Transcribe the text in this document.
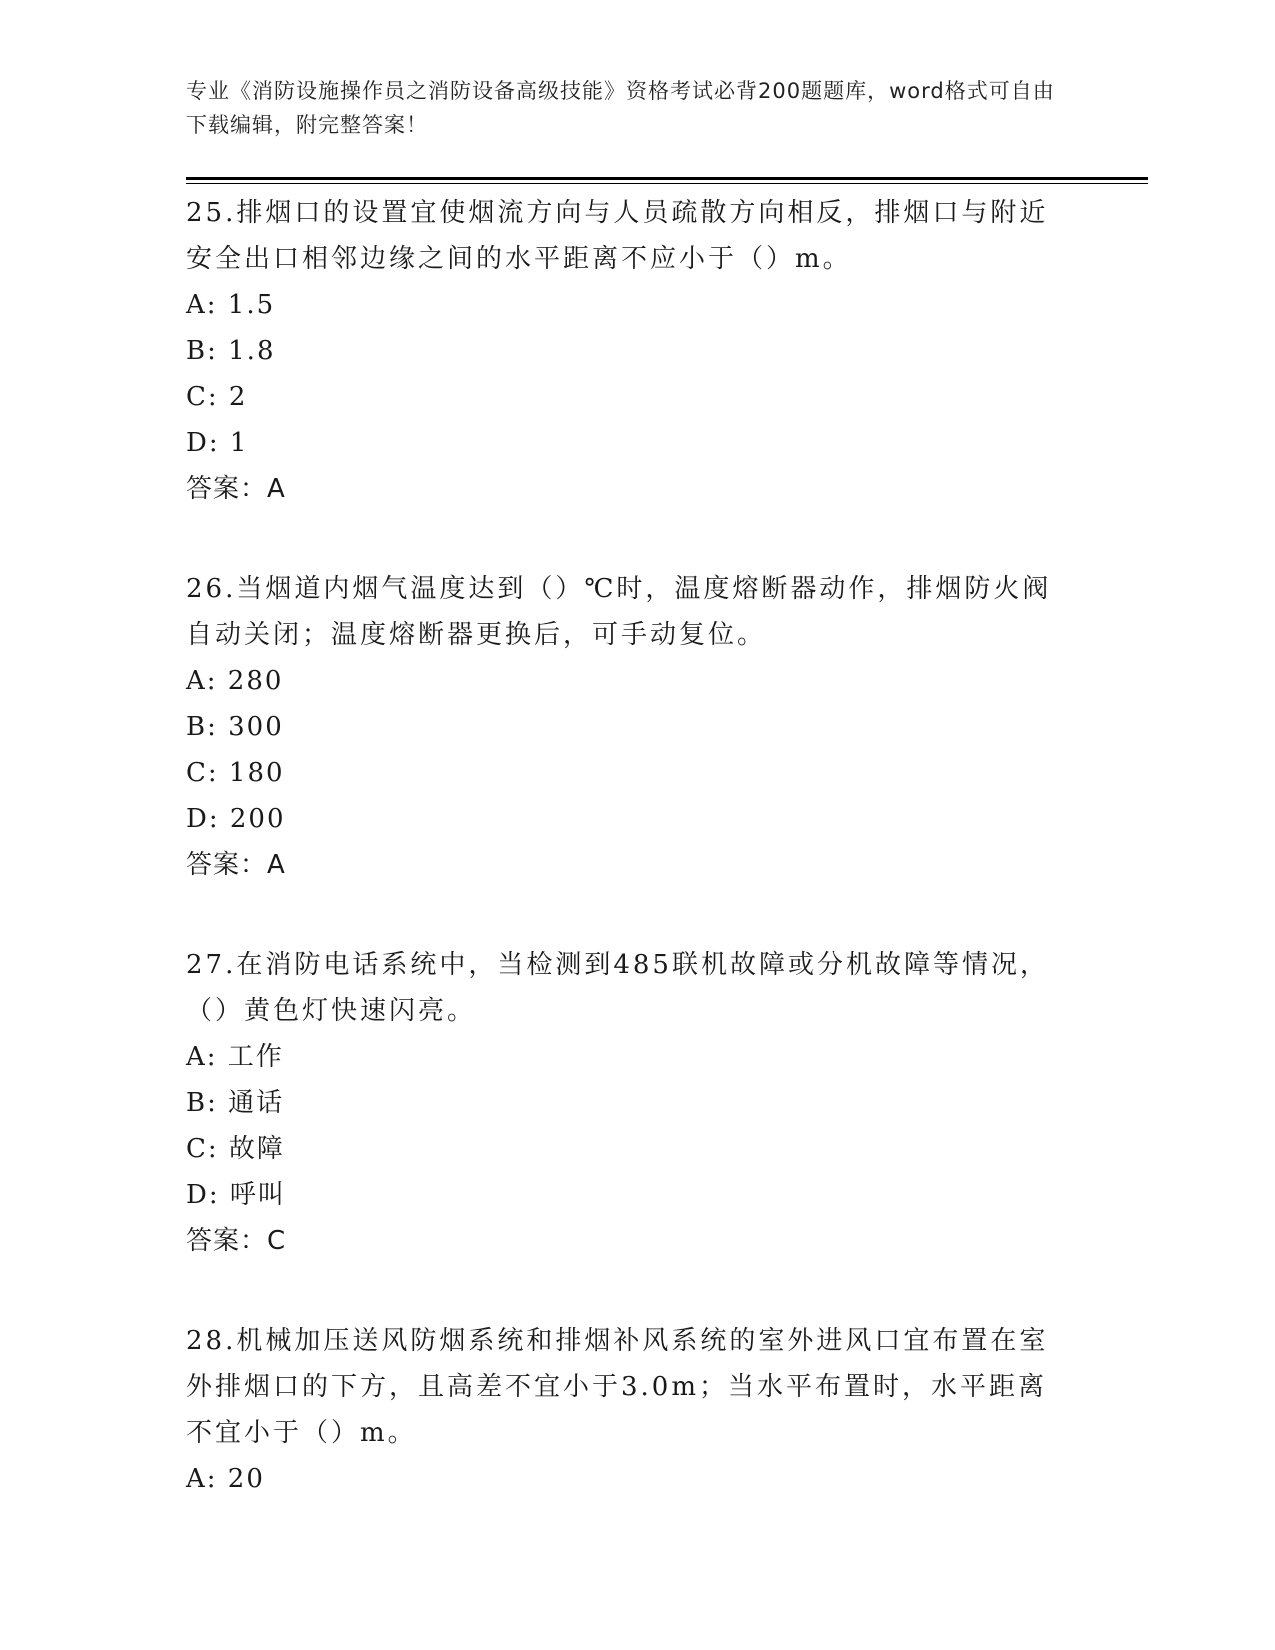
专业《消防设施操作员之消防设备高级技能》资格考试必背200题题库，word格式可自由下载编辑，附完整答案！

25.排烟口的设置宜使烟流方向与人员疏散方向相反，排烟口与附近安全出口相邻边缘之间的水平距离不应小于（）m。

A: 1.5

B: 1.8

C: 2

D: 1

答案：A

26.当烟道内烟气温度达到（）℃时，温度熔断器动作，排烟防火阀自动关闭；温度熔断器更换后，可手动复位。

A: 280

B: 300

C: 180

D: 200

答案：A

27.在消防电话系统中，当检测到485联机故障或分机故障等情况，（）黄色灯快速闪亮。

A: 工作

B: 通话

C: 故障

D: 呼叫

答案：C

28.机械加压送风防烟系统和排烟补风系统的室外进风口宜布置在室外排烟口的下方，且高差不宜小于3.0m；当水平布置时，水平距离不宜小于（）m。

A: 20
